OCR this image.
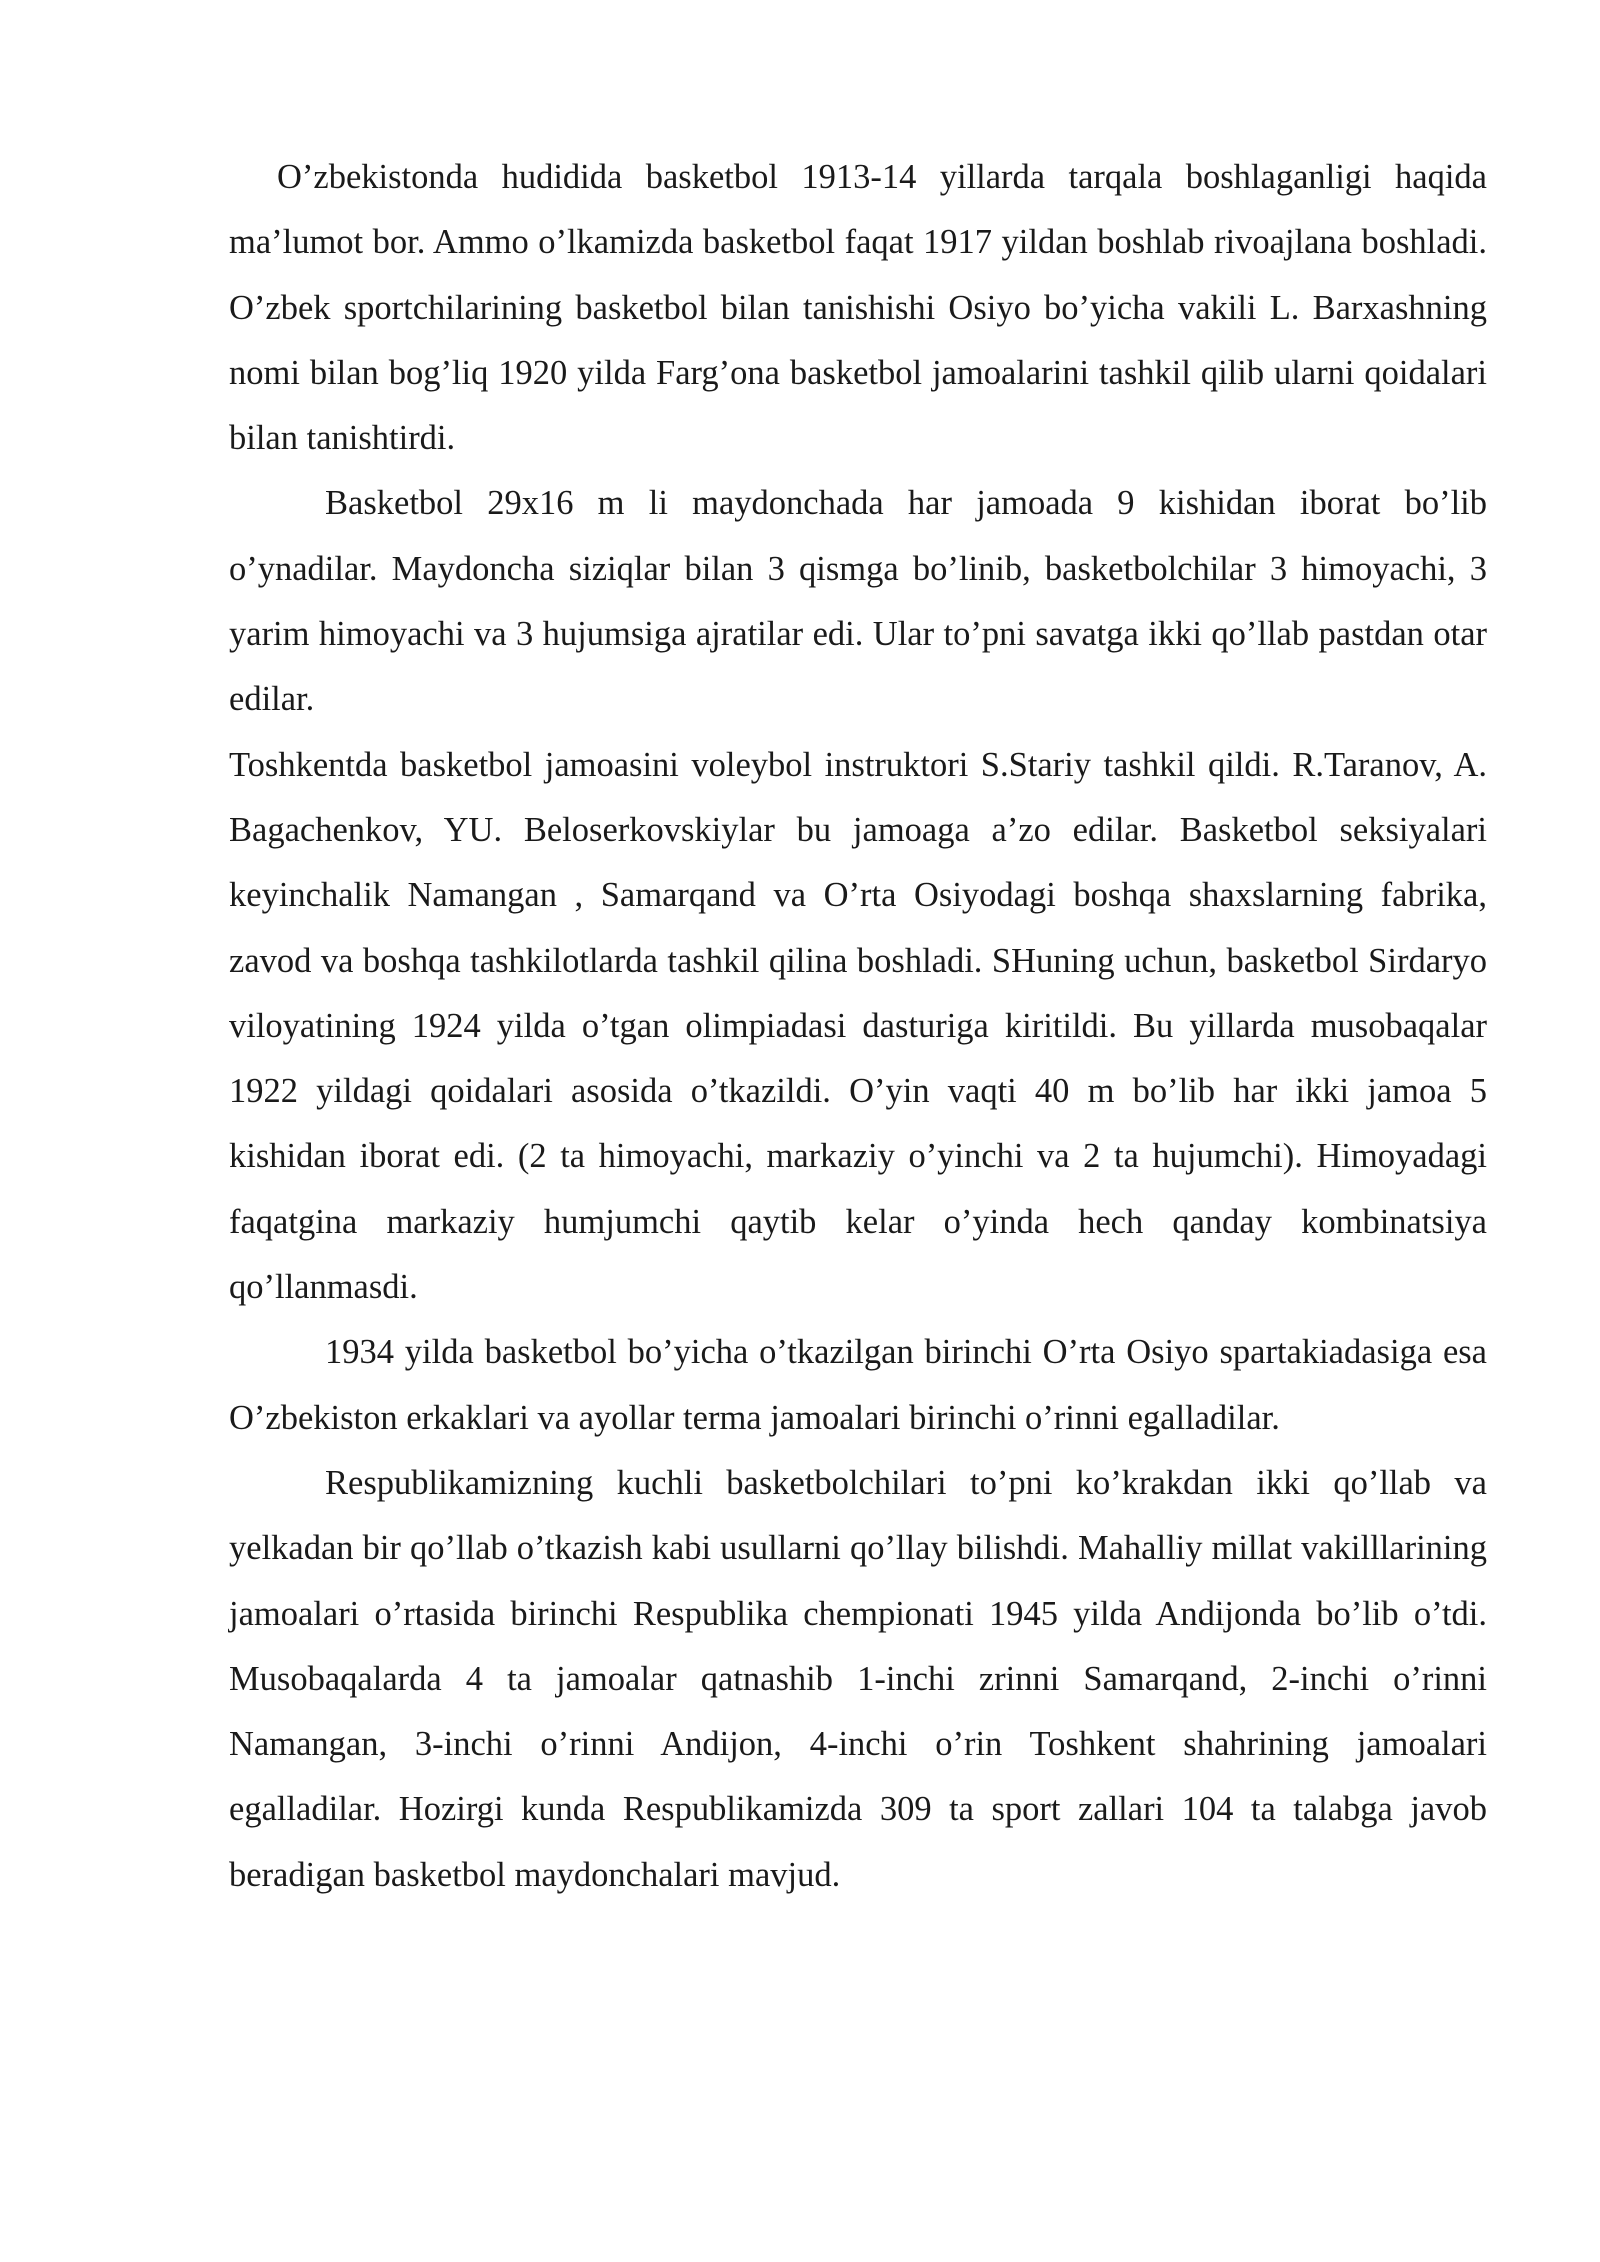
O’zbekistonda hudidida basketbol 1913-14 yillarda tarqala boshlaganligi haqida ma’lumot bor. Ammo o’lkamizda basketbol faqat 1917 yildan boshlab rivoajlana boshladi. O’zbek sportchilarining basketbol bilan tanishishi Osiyo bo’yicha vakili L. Barxashning nomi bilan bog’liq 1920 yilda Farg’ona basketbol jamoalarini tashkil qilib ularni qoidalari bilan tanishtirdi.

Basketbol 29x16 m li maydonchada har jamoada 9 kishidan iborat bo’lib o’ynadilar. Maydoncha siziqlar bilan 3 qismga bo’linib, basketbolchilar 3 himoyachi, 3 yarim himoyachi va 3 hujumsiga ajratilar edi. Ular to’pni savatga ikki qo’llab pastdan otar edilar.

Toshkentda basketbol jamoasini voleybol instruktori S.Stariy tashkil qildi. R.Taranov, A. Bagachenkov, YU. Beloserkovskiylar bu jamoaga a’zo edilar. Basketbol seksiyalari keyinchalik Namangan , Samarqand va O’rta Osiyodagi boshqa shaxslarning fabrika, zavod va boshqa tashkilotlarda tashkil qilina boshladi. SHuning uchun, basketbol Sirdaryo viloyatining 1924 yilda o’tgan olimpiadasi dasturiga kiritildi. Bu yillarda musobaqalar 1922 yildagi qoidalari asosida o’tkazildi. O’yin vaqti 40 m bo’lib har ikki jamoa 5 kishidan iborat edi. (2 ta himoyachi, markaziy o’yinchi va 2 ta hujumchi). Himoyadagi faqatgina markaziy humjumchi qaytib kelar o’yinda hech qanday kombinatsiya qo’llanmasdi.

1934 yilda basketbol bo’yicha o’tkazilgan birinchi O’rta Osiyo spartakiadasiga esa O’zbekiston erkaklari va ayollar terma jamoalari birinchi o’rinni egalladilar.

Respublikamizning kuchli basketbolchilari to’pni ko’krakdan ikki qo’llab va yelkadan bir qo’llab o’tkazish kabi usullarni qo’llay bilishdi. Mahalliy millat vakilllarining jamoalari o’rtasida birinchi Respublika chempionati 1945 yilda Andijonda bo’lib o’tdi. Musobaqalarda 4 ta jamoalar qatnashib 1-inchi zrinni Samarqand, 2-inchi o’rinni Namangan, 3-inchi o’rinni Andijon, 4-inchi o’rin Toshkent shahrining jamoalari egalladilar. Hozirgi kunda Respublikamizda 309 ta sport zallari 104 ta talabga javob beradigan basketbol maydonchalari mavjud.
